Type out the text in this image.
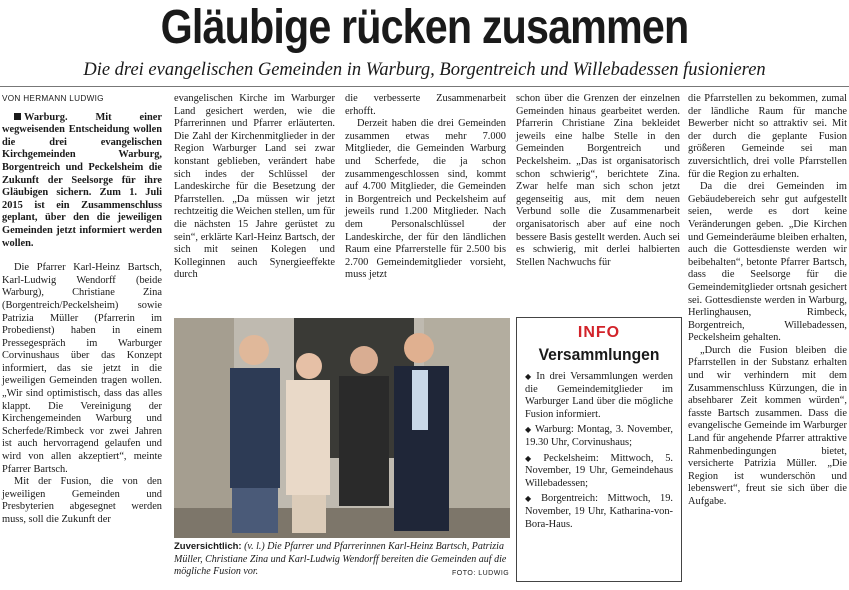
Gläubige rücken zusammen
Die drei evangelischen Gemeinden in Warburg, Borgentreich und Willebadessen fusionieren
VON HERMANN LUDWIG

Warburg. Mit einer wegweisenden Entscheidung wollen die drei evangelischen Kirchgemeinden Warburg, Borgentreich und Peckelsheim die Zukunft der Seelsorge für ihre Gläubigen sichern. Zum 1. Juli 2015 ist ein Zusammenschluss geplant, über den die jeweiligen Gemeinden jetzt informiert werden wollen.

Die Pfarrer Karl-Heinz Bartsch, Karl-Ludwig Wendorff (beide Warburg), Christiane Zina (Borgentreich/Peckelsheim) sowie Patrizia Müller (Pfarrerin im Probedienst) haben in einem Pressegespräch im Warburger Corvinushaus über das Konzept informiert, das sie jetzt in die jeweiligen Gemeinden tragen wollen. „Wir sind optimistisch, dass das alles klappt. Die Vereinigung der Kirchengemeinden Warburg und Scherfede/Rimbeck vor zwei Jahren ist auch hervorragend gelaufen und wird von allen akzeptiert“, meinte Pfarrer Bartsch.

Mit der Fusion, die von den jeweiligen Gemeinden und Presbyterien abgesegnet werden muss, soll die Zukunft der

evangelischen Kirche im Warburger Land gesichert werden, wie die Pfarrerinnen und Pfarrer erläuterten. Die Zahl der Kirchenmitglieder in der Region Warburger Land sei zwar konstant geblieben, verändert habe sich indes der Schlüssel der Landeskirche für die Besetzung der Pfarrstellen. „Da müssen wir jetzt rechtzeitig die Weichen stellen, um für die nächsten 15 Jahre gerüstet zu sein“, erklärte Karl-Heinz Bartsch, der sich mit seinen Kolegen und Kolleginnen auch Synergieeffekte durch

die verbesserte Zusammenarbeit erhofft.

Derzeit haben die drei Gemeinden zusammen etwas mehr 7.000 Mitglieder, die Gemeinden Warburg und Scherfede, die ja schon zusammengeschlossen sind, kommt auf 4.700 Mitglieder, die Gemeinden in Borgentreich und Peckelsheim auf jeweils rund 1.200 Mitglieder. Nach dem Personalschlüssel der Landeskirche, der für den ländlichen Raum eine Pfarrerstelle für 2.500 bis 2.700 Gemeindemitglieder vorsieht, muss jetzt

schon über die Grenzen der einzelnen Gemeinden hinaus gearbeitet werden. Pfarrerin Christiane Zina bekleidet jeweils eine halbe Stelle in den Gemeinden Borgentreich und Peckelsheim. „Das ist organisatorisch schon schwierig“, berichtete Zina. Zwar helfe man sich schon jetzt gegenseitig aus, mit dem neuen Verbund solle die Zusammenarbeit organisatorisch aber auf eine noch bessere Basis gestellt werden. Auch sei es schwierig, mit derlei halbierten Stellen Nachwuchs für

die Pfarrstellen zu bekommen, zumal der ländliche Raum für manche Bewerber nicht so attraktiv sei. Mit der durch die geplante Fusion größeren Gemeinde sei man zuversichtlich, drei volle Pfarrstellen für die Region zu erhalten.

Da die drei Gemeinden im Gebäudebereich sehr gut aufgestellt seien, werde es dort keine Veränderungen geben. „Die Kirchen und Gemeinderäume bleiben erhalten, auch die Gottesdienste werden wir beibehalten“, betonte Pfarrer Bartsch, dass die Seelsorge für die Gemeindemitglieder ortsnah gesichert sei. Gottesdienste werden in Warburg, Herlinghausen, Rimbeck, Borgentreich, Willebadessen, Peckelsheim gehalten.

„Durch die Fusion bleiben die Pfarrstellen in der Substanz erhalten und wir verhindern mit dem Zusammenschluss Kürzungen, die in absehbarer Zeit kommen würden“, fasste Bartsch zusammen. Dass die evangelische Gemeinde im Warburger Land für angehende Pfarrer attraktive Rahmenbedingungen bietet, versicherte Patrizia Müller. „Die Region ist wunderschön und lebenswert“, freut sie sich über die Aufgabe.

Zuversichtlich: (v. l.) Die Pfarrer und Pfarrerinnen Karl-Heinz Bartsch, Patrizia Müller, Christiane Zina und Karl-Ludwig Wendorff bereiten die Gemeinden auf die mögliche Fusion vor.	FOTO: LUDWIG
INFO
Versammlungen
◆ In drei Versammlungen werden die Gemeindemitglieder im Warburger Land über die mögliche Fusion informiert.
◆ Warburg: Montag, 3. November, 19.30 Uhr, Corvinushaus;
◆ Peckelsheim: Mittwoch, 5. November, 19 Uhr, Gemeindehaus Willebadessen;
◆ Borgentreich: Mittwoch, 19. November, 19 Uhr, Katharina-von-Bora-Haus.
